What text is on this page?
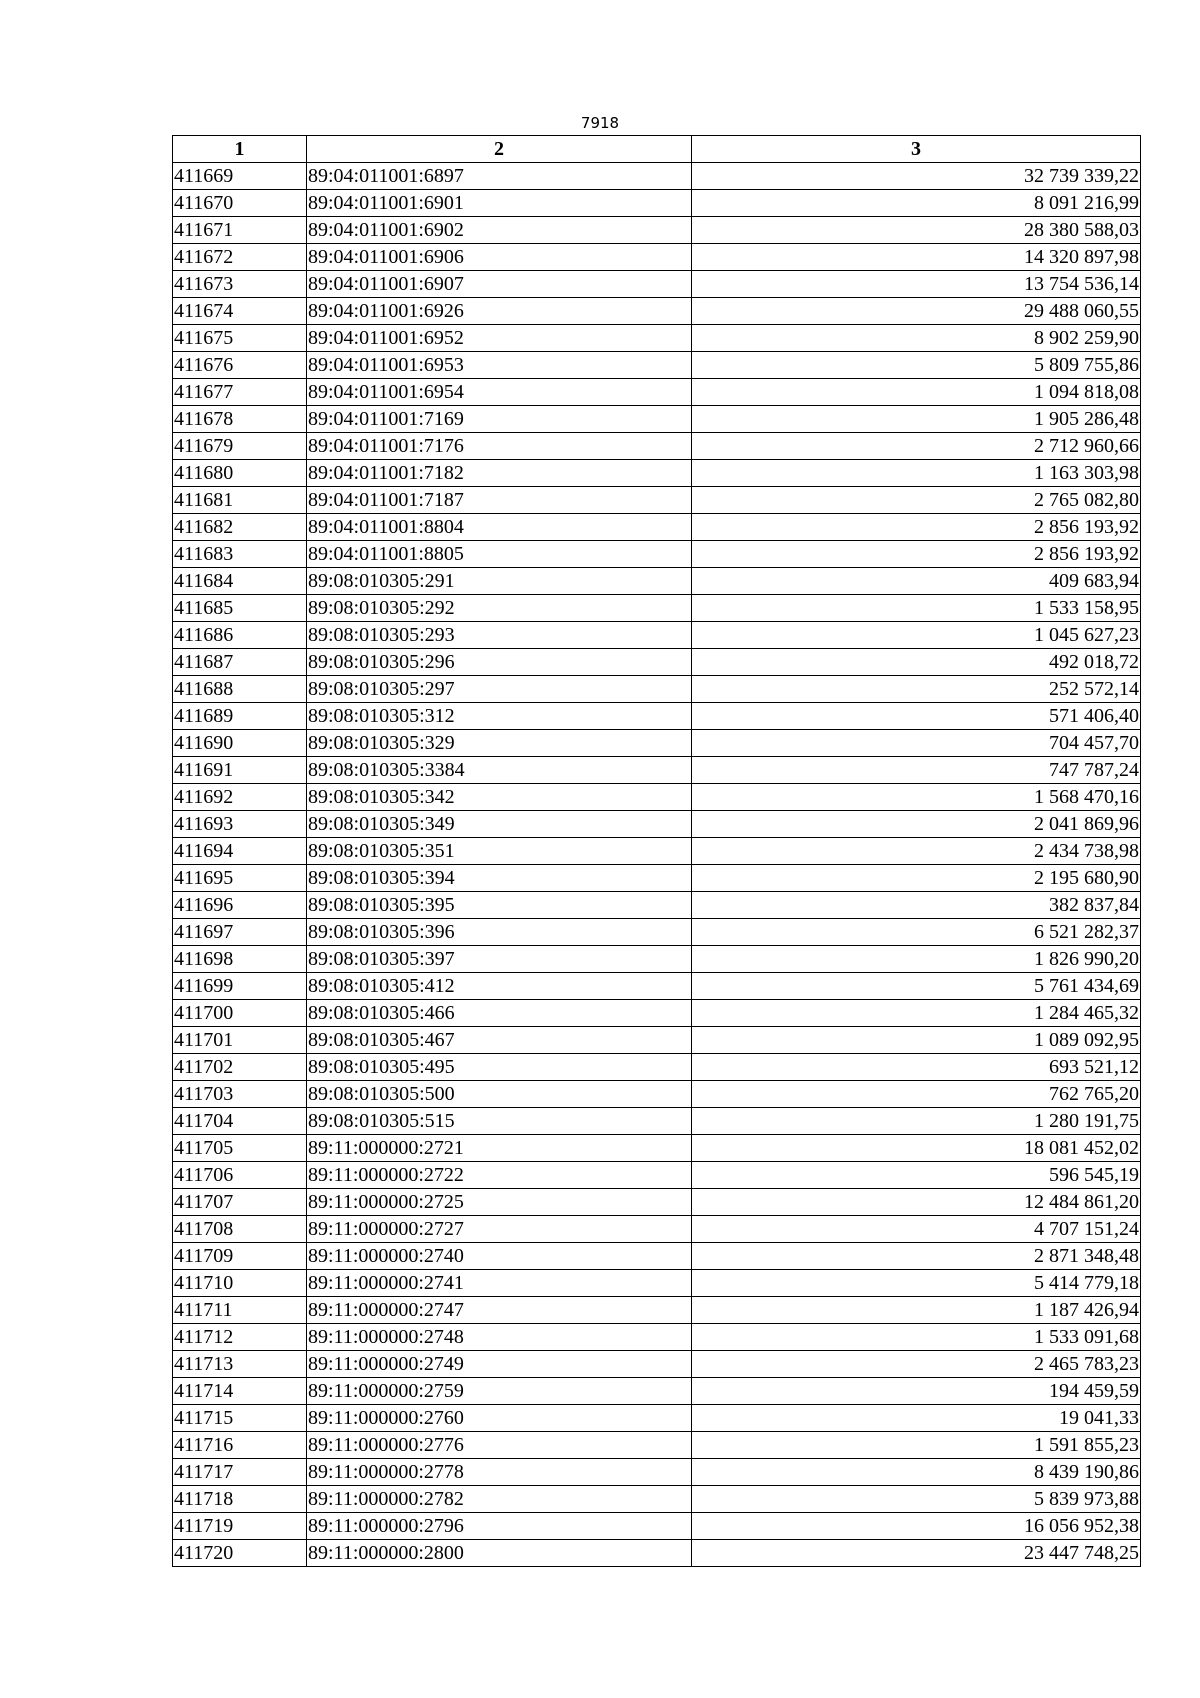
7918
1	2	3
411669	89:04:011001:6897	32 739 339,22
411670	89:04:011001:6901	8 091 216,99
411671	89:04:011001:6902	28 380 588,03
411672	89:04:011001:6906	14 320 897,98
411673	89:04:011001:6907	13 754 536,14
411674	89:04:011001:6926	29 488 060,55
411675	89:04:011001:6952	8 902 259,90
411676	89:04:011001:6953	5 809 755,86
411677	89:04:011001:6954	1 094 818,08
411678	89:04:011001:7169	1 905 286,48
411679	89:04:011001:7176	2 712 960,66
411680	89:04:011001:7182	1 163 303,98
411681	89:04:011001:7187	2 765 082,80
411682	89:04:011001:8804	2 856 193,92
411683	89:04:011001:8805	2 856 193,92
411684	89:08:010305:291	409 683,94
411685	89:08:010305:292	1 533 158,95
411686	89:08:010305:293	1 045 627,23
411687	89:08:010305:296	492 018,72
411688	89:08:010305:297	252 572,14
411689	89:08:010305:312	571 406,40
411690	89:08:010305:329	704 457,70
411691	89:08:010305:3384	747 787,24
411692	89:08:010305:342	1 568 470,16
411693	89:08:010305:349	2 041 869,96
411694	89:08:010305:351	2 434 738,98
411695	89:08:010305:394	2 195 680,90
411696	89:08:010305:395	382 837,84
411697	89:08:010305:396	6 521 282,37
411698	89:08:010305:397	1 826 990,20
411699	89:08:010305:412	5 761 434,69
411700	89:08:010305:466	1 284 465,32
411701	89:08:010305:467	1 089 092,95
411702	89:08:010305:495	693 521,12
411703	89:08:010305:500	762 765,20
411704	89:08:010305:515	1 280 191,75
411705	89:11:000000:2721	18 081 452,02
411706	89:11:000000:2722	596 545,19
411707	89:11:000000:2725	12 484 861,20
411708	89:11:000000:2727	4 707 151,24
411709	89:11:000000:2740	2 871 348,48
411710	89:11:000000:2741	5 414 779,18
411711	89:11:000000:2747	1 187 426,94
411712	89:11:000000:2748	1 533 091,68
411713	89:11:000000:2749	2 465 783,23
411714	89:11:000000:2759	194 459,59
411715	89:11:000000:2760	19 041,33
411716	89:11:000000:2776	1 591 855,23
411717	89:11:000000:2778	8 439 190,86
411718	89:11:000000:2782	5 839 973,88
411719	89:11:000000:2796	16 056 952,38
411720	89:11:000000:2800	23 447 748,25
